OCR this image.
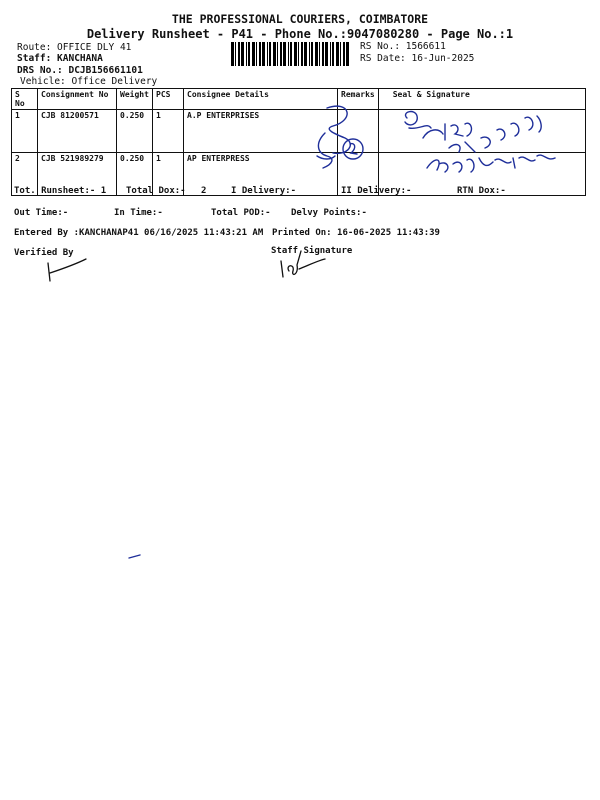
THE PROFESSIONAL COURIERS, COIMBATORE
Delivery Runsheet - P41 - Phone No.:9047080280 - Page No.:1
Route: OFFICE DLY 41
Staff: KANCHANA
DRS No.: DCJB156661101
Vehicle: Office Delivery
RS No.: 1566611
RS Date: 16-Jun-2025
S No	Consignment No	Weight	PCS	Consignee Details	Remarks	Seal & Signature
1	CJB 81200571	0.250	1	A.P ENTERPRISES		
2	CJB 521989279	0.250	1	AP ENTERPRESS		
Tot. Runsheet:- 1 Total Dox:- 2	I Delivery:-	II Delivery:-	RTN Dox:-
Out Time:-	In Time:-	Total POD:- Delvy Points:-
Entered By :KANCHANAP41 06/16/2025 11:43:21 AM Printed On: 16-06-2025 11:43:39
Verified By	Staff Signature
